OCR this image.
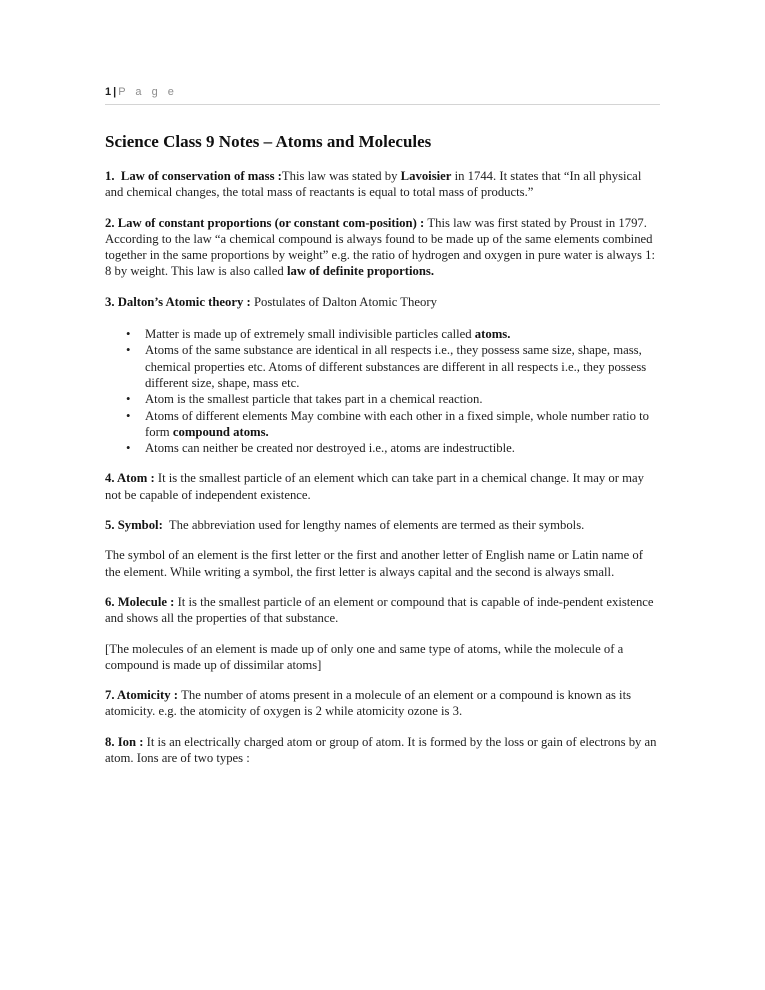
1| P a g e
Science Class 9 Notes – Atoms and Molecules

1.  Law of conservation of mass :This law was stated by Lavoisier in 1744. It states that “In all physical and chemical changes, the total mass of reactants is equal to total mass of products.”

2. Law of constant proportions (or constant com-position) : This law was first stated by Proust in 1797. According to the law “a chemical compound is always found to be made up of the same elements combined together in the same proportions by weight” e.g. the ratio of hydrogen and oxygen in pure water is always 1: 8 by weight. This law is also called law of definite proportions.

3. Dalton’s Atomic theory : Postulates of Dalton Atomic Theory

• Matter is made up of extremely small indivisible particles called atoms.
• Atoms of the same substance are identical in all respects i.e., they possess same size, shape, mass, chemical properties etc. Atoms of different substances are different in all respects i.e., they possess different size, shape, mass etc.
• Atom is the smallest particle that takes part in a chemical reaction.
• Atoms of different elements May combine with each other in a fixed simple, whole number ratio to form compound atoms.
• Atoms can neither be created nor destroyed i.e., atoms are indestructible.

4. Atom : It is the smallest particle of an element which can take part in a chemical change. It may or may not be capable of independent existence.

5. Symbol:  The abbreviation used for lengthy names of elements are termed as their symbols.

The symbol of an element is the first letter or the first and another letter of English name or Latin name of the element. While writing a symbol, the first letter is always capital and the second is always small.

6. Molecule : It is the smallest particle of an element or compound that is capable of inde-pendent existence and shows all the properties of that substance.

[The molecules of an element is made up of only one and same type of atoms, while the molecule of a compound is made up of dissimilar atoms]

7. Atomicity : The number of atoms present in a molecule of an element or a compound is known as its atomicity. e.g. the atomicity of oxygen is 2 while atomicity ozone is 3.

8. Ion : It is an electrically charged atom or group of atom. It is formed by the loss or gain of electrons by an atom. Ions are of two types :
